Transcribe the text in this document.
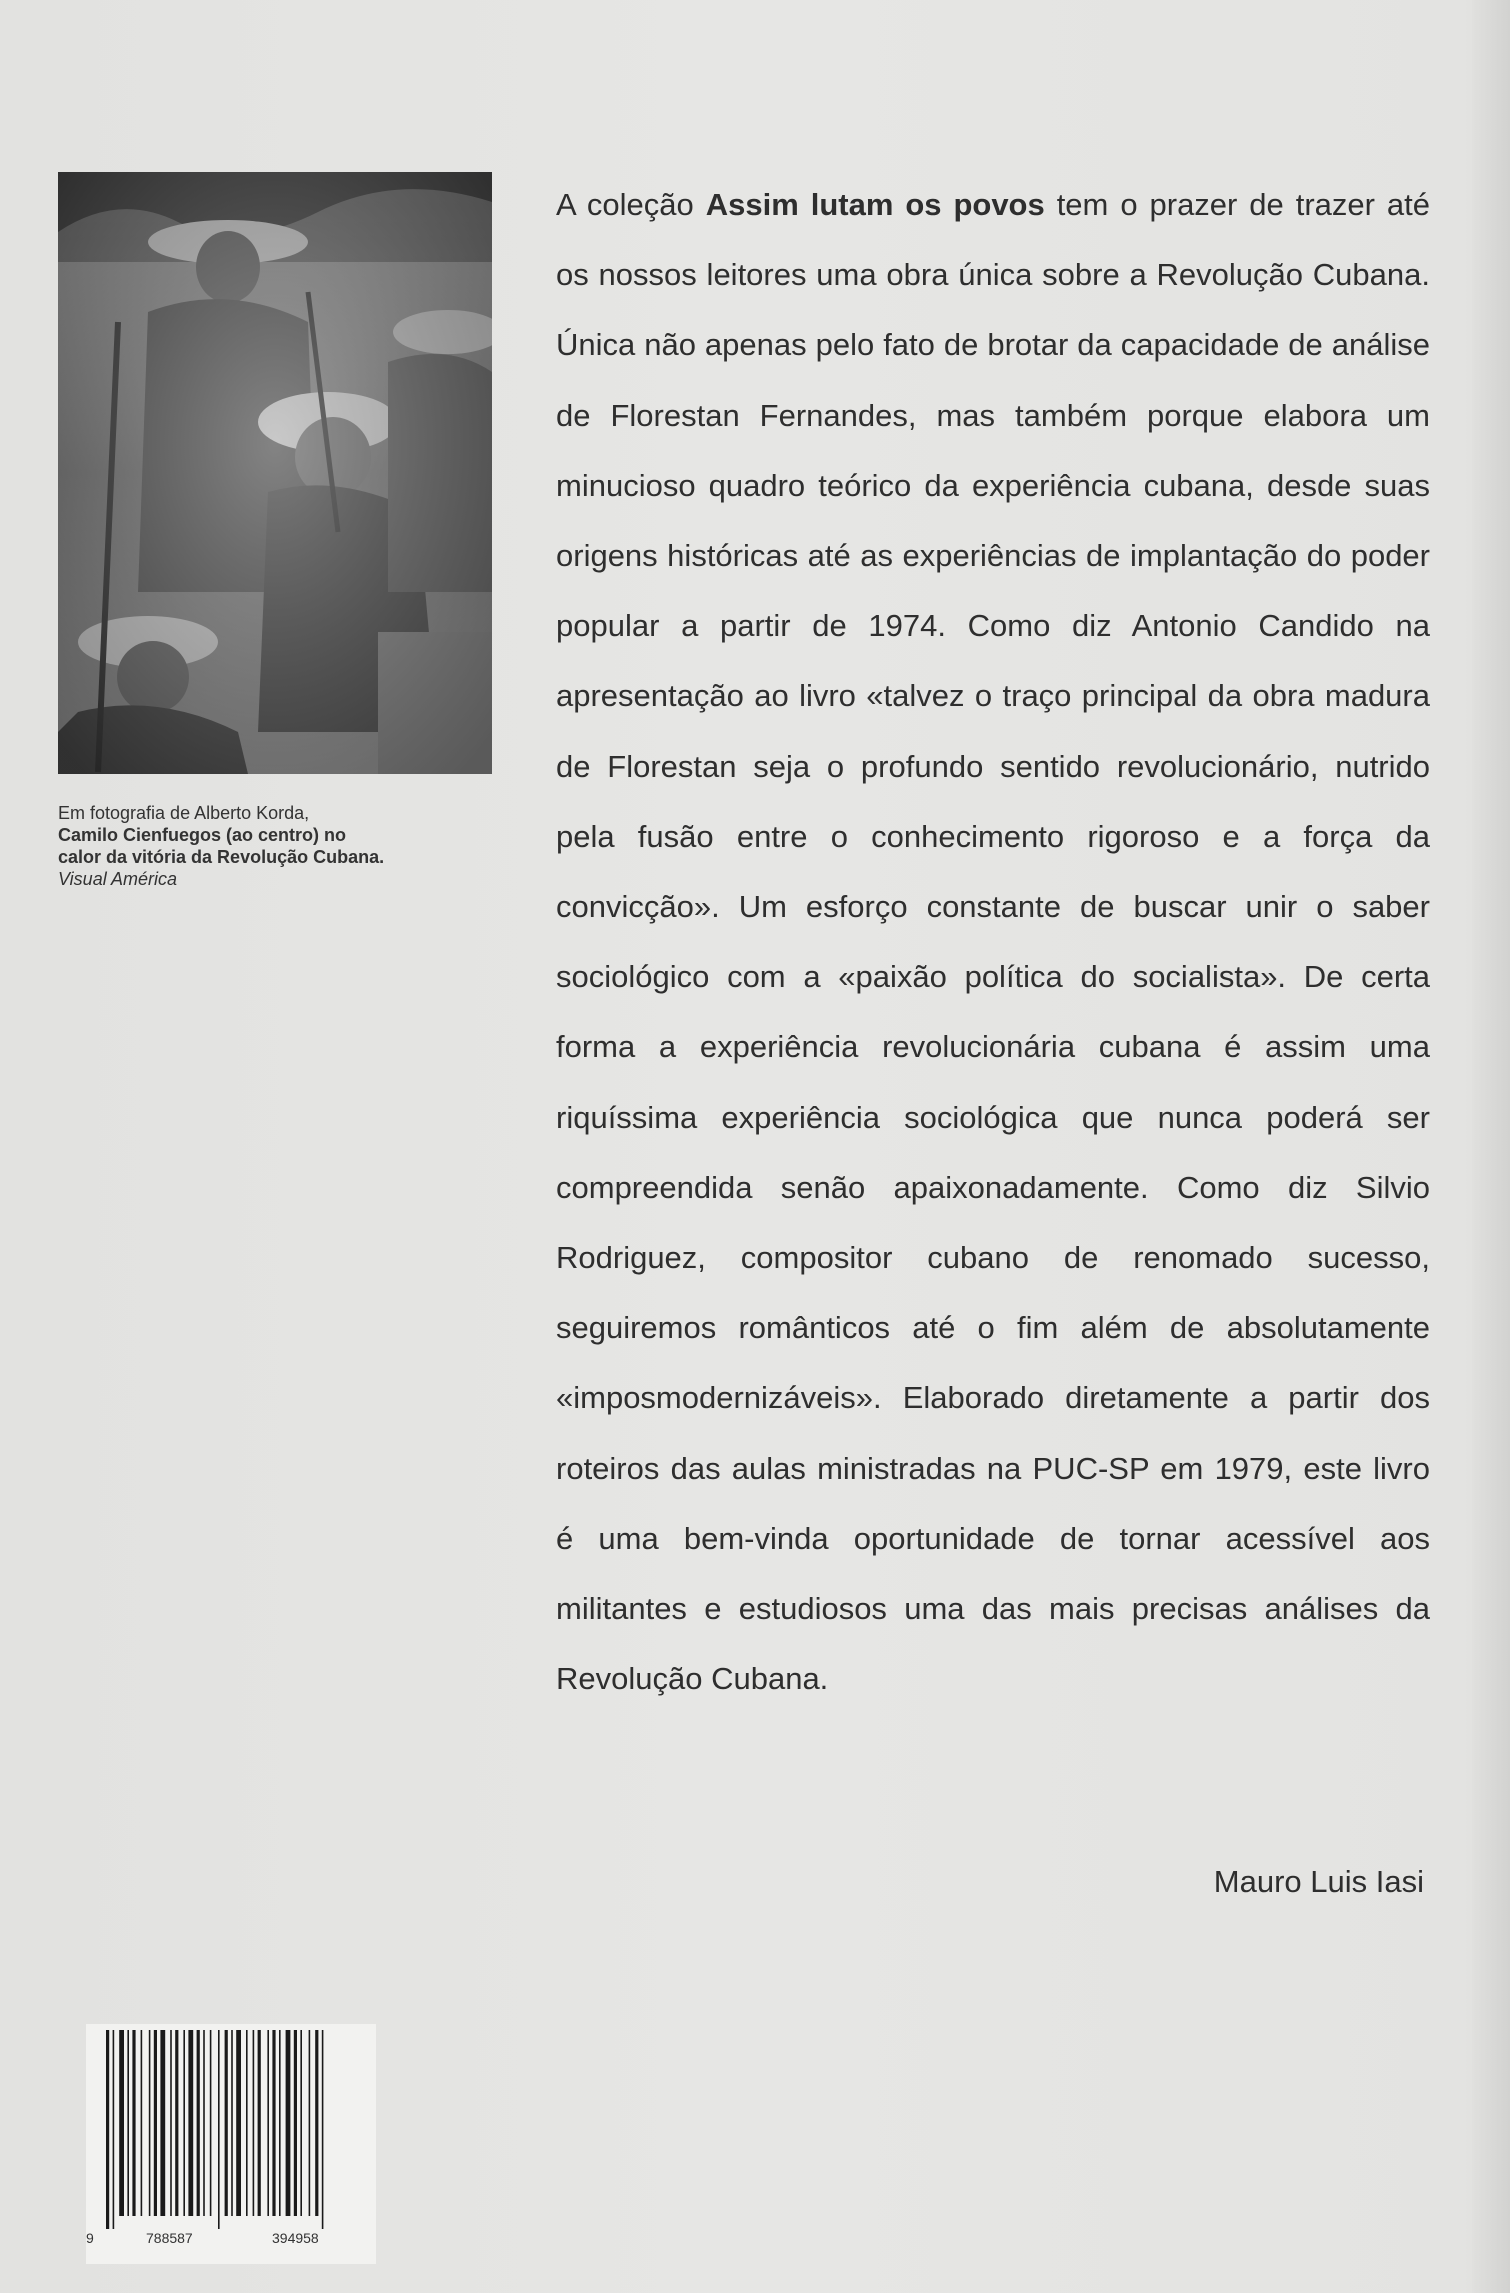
Em fotografia de Alberto Korda,
Camilo Cienfuegos (ao centro) no
calor da vitória da Revolução Cubana.
Visual América
A coleção Assim lutam os povos tem o prazer de trazer até os nossos leitores uma obra única sobre a Revolução Cubana. Única não apenas pelo fato de brotar da capacidade de análise de Florestan Fernandes, mas também porque elabora um minucioso quadro teórico da experiência cubana, desde suas origens históricas até as experiências de implantação do poder popular a partir de 1974. Como diz Antonio Candido na apresentação ao livro «talvez o traço principal da obra madura de Florestan seja o profundo sentido revolucionário, nutrido pela fusão entre o conhecimento rigoroso e a força da convicção». Um esforço constante de buscar unir o saber sociológico com a «paixão política do socialista». De certa forma a experiência revolucionária cubana é assim uma riquíssima experiência sociológica que nunca poderá ser compreendida senão apaixonadamente. Como diz Silvio Rodriguez, compositor cubano de renomado sucesso, seguiremos românticos até o fim além de absolutamente «imposmodernizáveis». Elaborado diretamente a partir dos roteiros das aulas ministradas na PUC-SP em 1979, este livro é uma bem-vinda oportunidade de tornar acessível aos militantes e estudiosos uma das mais precisas análises da Revolução Cubana.
Mauro Luis Iasi
9	788587	394958
